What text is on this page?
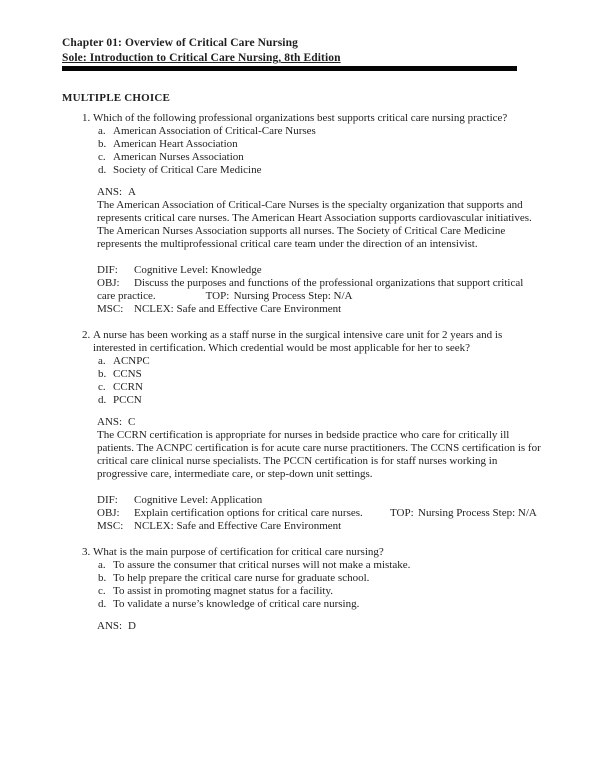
Chapter 01: Overview of Critical Care Nursing
Sole: Introduction to Critical Care Nursing, 8th Edition
MULTIPLE CHOICE
1. Which of the following professional organizations best supports critical care nursing practice?

a. American Association of Critical-Care Nurses
b. American Heart Association
c. American Nurses Association
d. Society of Critical Care Medicine

ANS: A

The American Association of Critical-Care Nurses is the specialty organization that supports and represents critical care nurses. The American Heart Association supports cardiovascular initiatives. The American Nurses Association supports all nurses. The Society of Critical Care Medicine represents the multiprofessional critical care team under the direction of an intensivist.

DIF: Cognitive Level: Knowledge

OBJ: Discuss the purposes and functions of the professional organizations that support critical care practice.	TOP: Nursing Process Step: N/A

MSC: NCLEX: Safe and Effective Care Environment

2. A nurse has been working as a staff nurse in the surgical intensive care unit for 2 years and is interested in certification. Which credential would be most applicable for her to seek?

a. ACNPC
b. CCNS
c. CCRN
d. PCCN

ANS: C

The CCRN certification is appropriate for nurses in bedside practice who care for critically ill patients. The ACNPC certification is for acute care nurse practitioners. The CCNS certification is for critical care clinical nurse specialists. The PCCN certification is for staff nurses working in progressive care, intermediate care, or step-down unit settings.

DIF: Cognitive Level: Application

OBJ: Explain certification options for critical care nurses. TOP: Nursing Process Step: N/A

MSC: NCLEX: Safe and Effective Care Environment

3. What is the main purpose of certification for critical care nursing?

a. To assure the consumer that critical nurses will not make a mistake.
b. To help prepare the critical care nurse for graduate school.
c. To assist in promoting magnet status for a facility.
d. To validate a nurse’s knowledge of critical care nursing.

ANS: D
